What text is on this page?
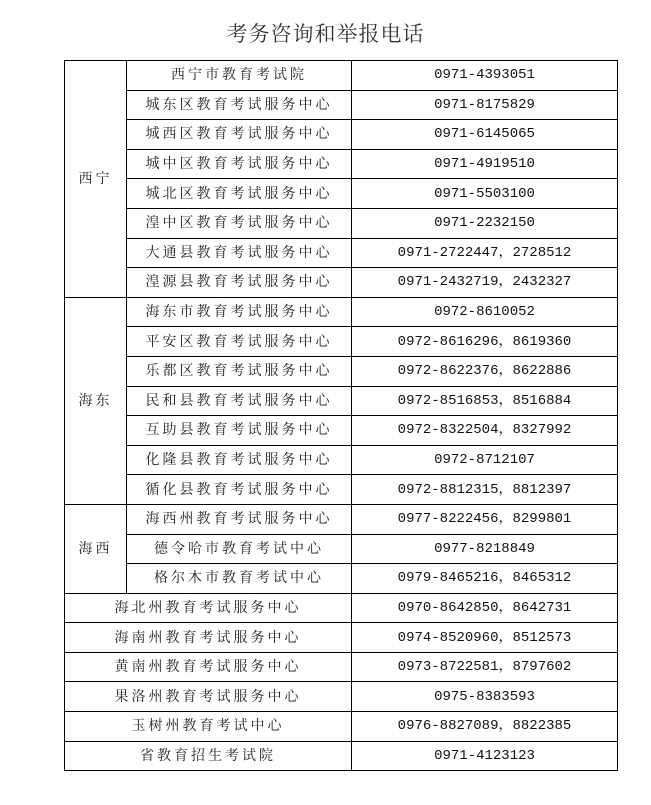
考务咨询和举报电话
西宁	西宁市教育考试院	0971-4393051
	城东区教育考试服务中心	0971-8175829
	城西区教育考试服务中心	0971-6145065
	城中区教育考试服务中心	0971-4919510
	城北区教育考试服务中心	0971-5503100
	湟中区教育考试服务中心	0971-2232150
	大通县教育考试服务中心	0971-2722447，2728512
	湟源县教育考试服务中心	0971-2432719，2432327
海东	海东市教育考试服务中心	0972-8610052
	平安区教育考试服务中心	0972-8616296，8619360
	乐都区教育考试服务中心	0972-8622376，8622886
	民和县教育考试服务中心	0972-8516853，8516884
	互助县教育考试服务中心	0972-8322504，8327992
	化隆县教育考试服务中心	0972-8712107
	循化县教育考试服务中心	0972-8812315，8812397
海西	海西州教育考试服务中心	0977-8222456，8299801
	德令哈市教育考试中心	0977-8218849
	格尔木市教育考试中心	0979-8465216，8465312
海北州教育考试服务中心		0970-8642850，8642731
海南州教育考试服务中心		0974-8520960，8512573
黄南州教育考试服务中心		0973-8722581，8797602
果洛州教育考试服务中心		0975-8383593
玉树州教育考试中心		0976-8827089，8822385
省教育招生考试院		0971-4123123
